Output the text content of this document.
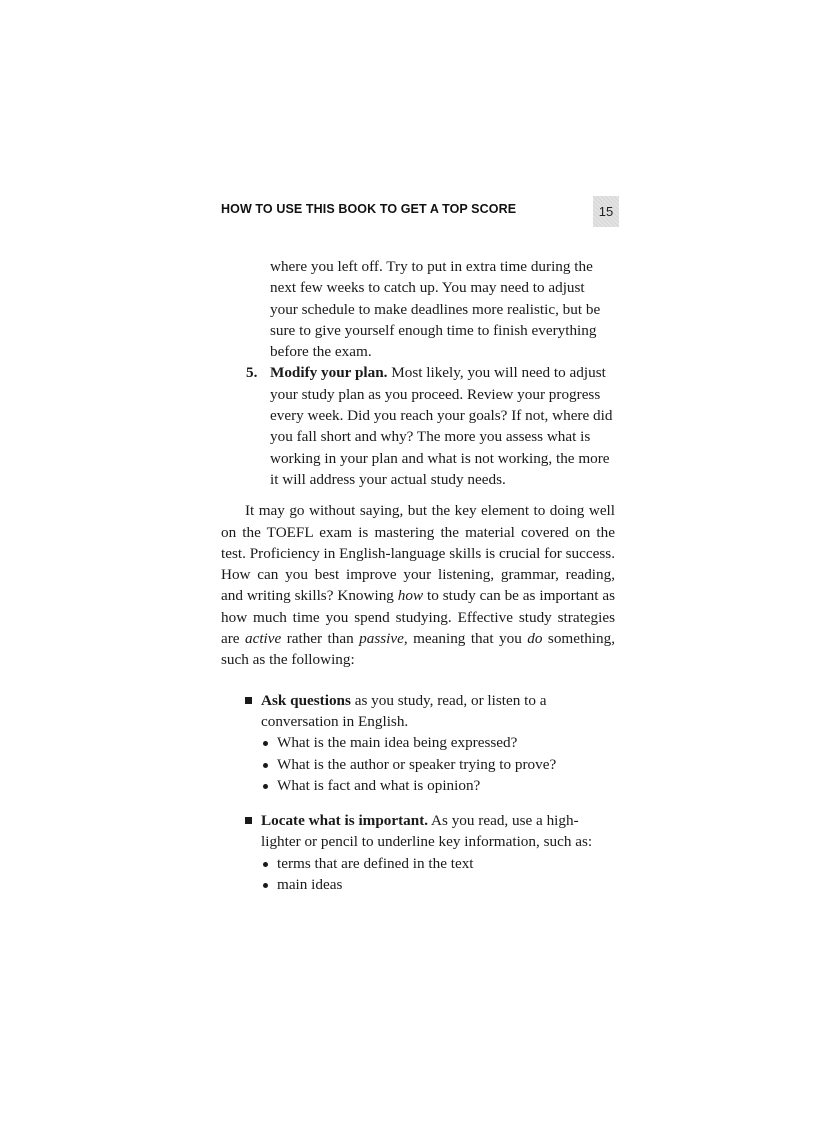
HOW TO USE THIS BOOK TO GET A TOP SCORE	15

where you left off. Try to put in extra time during the next few weeks to catch up. You may need to adjust your schedule to make deadlines more realistic, but be sure to give yourself enough time to finish everything before the exam.

5. Modify your plan. Most likely, you will need to adjust your study plan as you proceed. Review your progress every week. Did you reach your goals? If not, where did you fall short and why? The more you assess what is working in your plan and what is not working, the more it will address your actual study needs.

It may go without saying, but the key element to doing well on the TOEFL exam is mastering the material covered on the test. Proficiency in English-language skills is crucial for success. How can you best improve your listening, grammar, reading, and writing skills? Knowing how to study can be as important as how much time you spend studying. Effective study strategies are active rather than passive, meaning that you do something, such as the following:

Ask questions as you study, read, or listen to a conversation in English.
What is the main idea being expressed?
What is the author or speaker trying to prove?
What is fact and what is opinion?
Locate what is important. As you read, use a high-lighter or pencil to underline key information, such as:
terms that are defined in the text
main ideas
